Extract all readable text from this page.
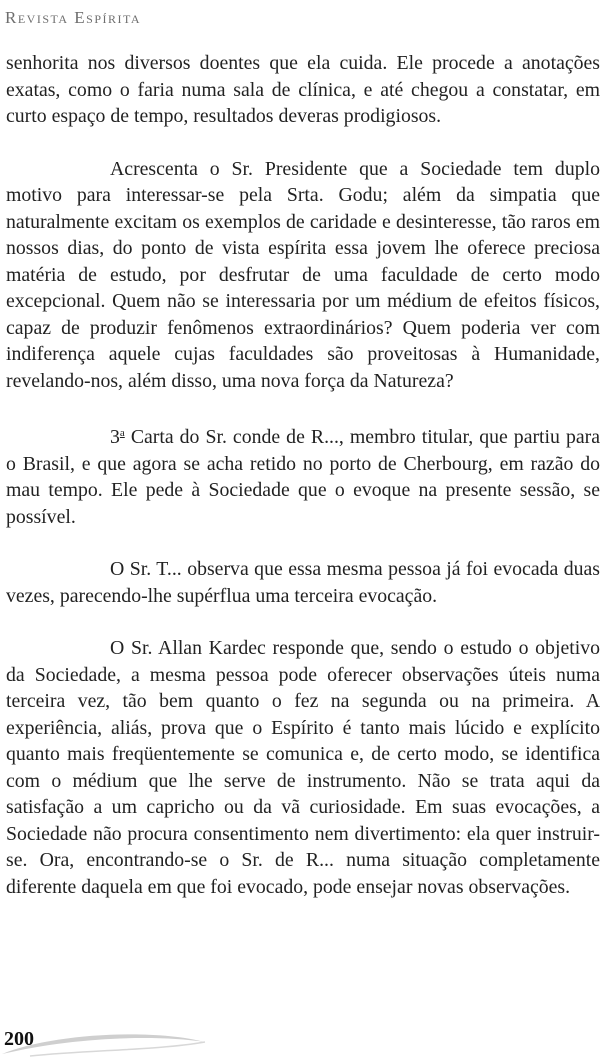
Revista Espírita

senhorita nos diversos doentes que ela cuida. Ele procede a anotações exatas, como o faria numa sala de clínica, e até chegou a constatar, em curto espaço de tempo, resultados deveras prodigiosos.

Acrescenta o Sr. Presidente que a Sociedade tem duplo motivo para interessar-se pela Srta. Godu; além da simpatia que naturalmente excitam os exemplos de caridade e desinteresse, tão raros em nossos dias, do ponto de vista espírita essa jovem lhe oferece preciosa matéria de estudo, por desfrutar de uma faculdade de certo modo excepcional. Quem não se interessaria por um médium de efeitos físicos, capaz de produzir fenômenos extraordinários? Quem poderia ver com indiferença aquele cujas faculdades são proveitosas à Humanidade, revelando-nos, além disso, uma nova força da Natureza?

3$^a$ Carta do Sr. conde de R..., membro titular, que partiu para o Brasil, e que agora se acha retido no porto de Cherbourg, em razão do mau tempo. Ele pede à Sociedade que o evoque na presente sessão, se possível.

O Sr. T... observa que essa mesma pessoa já foi evocada duas vezes, parecendo-lhe supérflua uma terceira evocação.

O Sr. Allan Kardec responde que, sendo o estudo o objetivo da Sociedade, a mesma pessoa pode oferecer observações úteis numa terceira vez, tão bem quanto o fez na segunda ou na primeira. A experiência, aliás, prova que o Espírito é tanto mais lúcido e explícito quanto mais freqüentemente se comunica e, de certo modo, se identifica com o médium que lhe serve de instrumento. Não se trata aqui da satisfação a um capricho ou da vã curiosidade. Em suas evocações, a Sociedade não procura consentimento nem divertimento: ela quer instruir-se. Ora, encontrando-se o Sr. de R... numa situação completamente diferente daquela em que foi evocado, pode ensejar novas observações.

200
